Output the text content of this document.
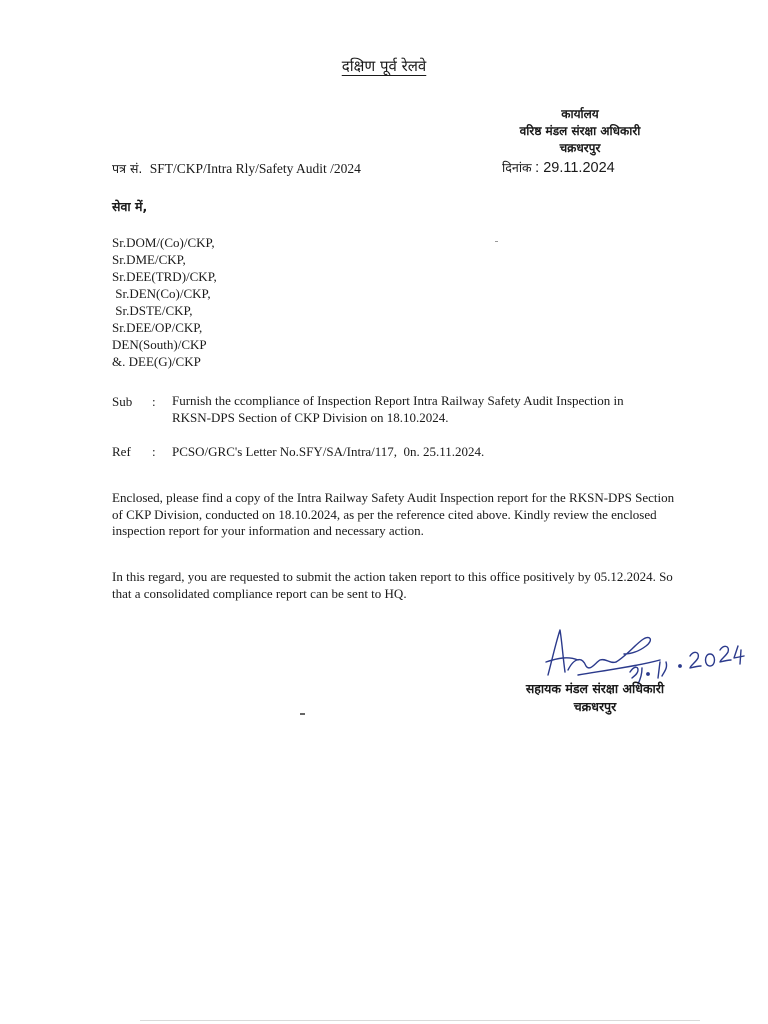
दक्षिण पूर्व रेलवे
कार्यालय
वरिष्ठ मंडल संरक्षा अधिकारी
चक्रधरपुर
पत्र सं. SFT/CKP/Intra Rly/Safety Audit /2024	दिनांक : 29.11.2024
सेवा में,
Sr.DOM/(Co)/CKP,
Sr.DME/CKP,
Sr.DEE(TRD)/CKP,
Sr.DEN(Co)/CKP,
Sr.DSTE/CKP,
Sr.DEE/OP/CKP,
DEN(South)/CKP
&. DEE(G)/CKP
Sub : Furnish the ccompliance of Inspection Report Intra Railway Safety Audit Inspection in RKSN-DPS Section of CKP Division on 18.10.2024.
Ref : PCSO/GRC's Letter No.SFY/SA/Intra/117,  0n. 25.11.2024.
Enclosed, please find a copy of the Intra Railway Safety Audit Inspection report for the RKSN-DPS Section of CKP Division, conducted on 18.10.2024, as per the reference cited above. Kindly review the enclosed inspection report for your information and necessary action.
In this regard, you are requested to submit the action taken report to this office positively by 05.12.2024. So that a consolidated compliance report can be sent to HQ.
सहायक मंडल संरक्षा अधिकारी
चक्रधरपुर
